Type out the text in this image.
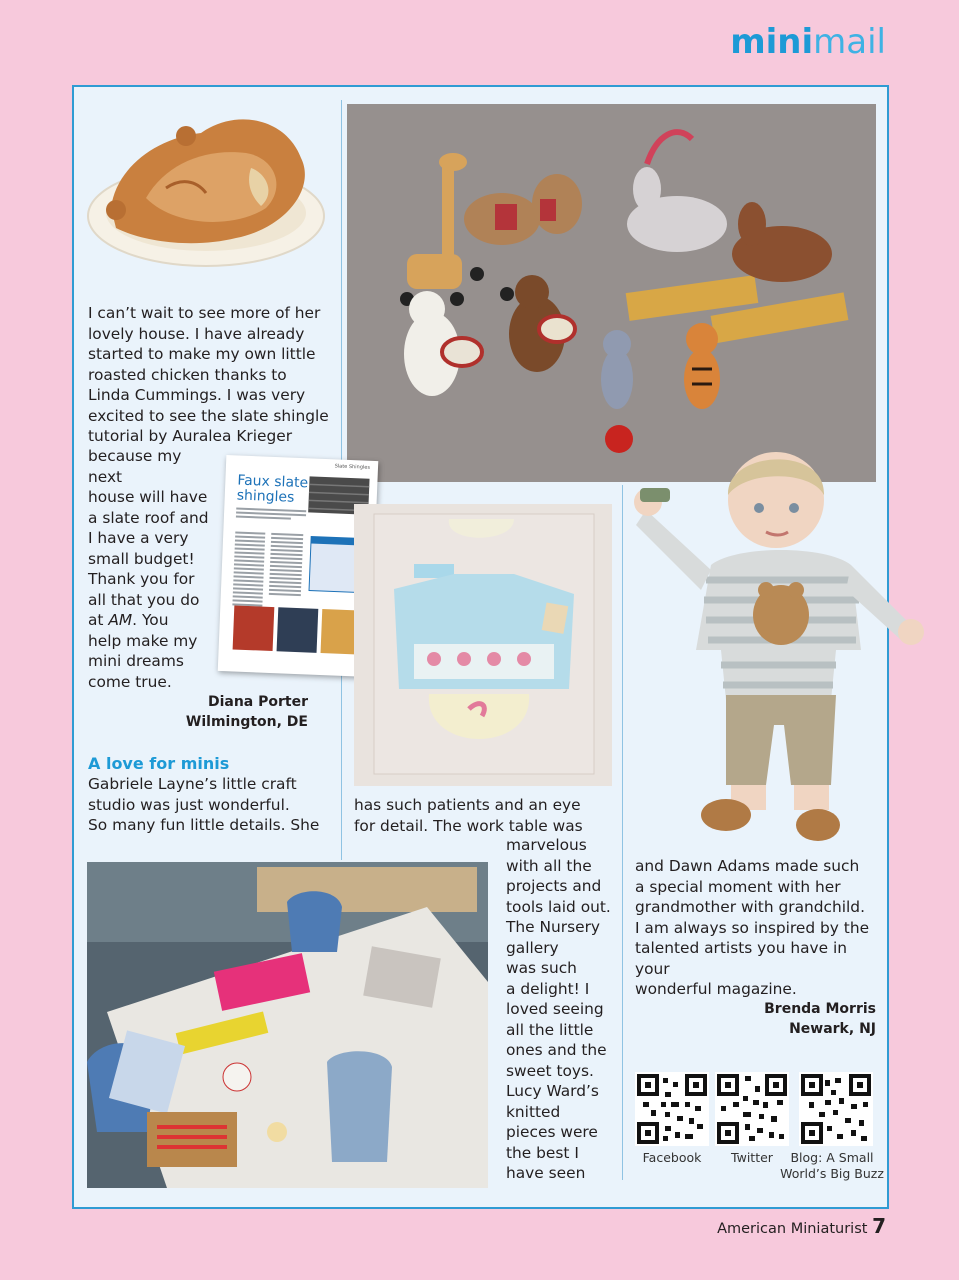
minimail
Slate Shingles
Faux slate
shingles

I can’t wait to see more of her
lovely house. I have already
started to make my own little
roasted chicken thanks to
Linda Cummings. I was very
excited to see the slate shingle
tutorial by Auralea Krieger

because my next
house will have
a slate roof and
I have a very
small budget!
Thank you for
all that you do
at AM. You
help make my
mini dreams
come true.

Diana Porter
Wilmington, DE
A love for minis

Gabriele Layne’s little craft
studio was just wonderful.
So many fun little details. She

has such patients and an eye
for detail. The work table was

marvelous
with all the
projects and
tools laid out.
The Nursery
gallery
was such
a delight! I
loved seeing
all the little
ones and the
sweet toys.
Lucy Ward’s
knitted
pieces were
the best I
have seen

and Dawn Adams made such
a special moment with her
grandmother with grandchild.
I am always so inspired by the
talented artists you have in your
wonderful magazine.

Brenda Morris
Newark, NJ
Facebook	Twitter	Blog: A Small
World’s Big Buzz
American Miniaturist 7
